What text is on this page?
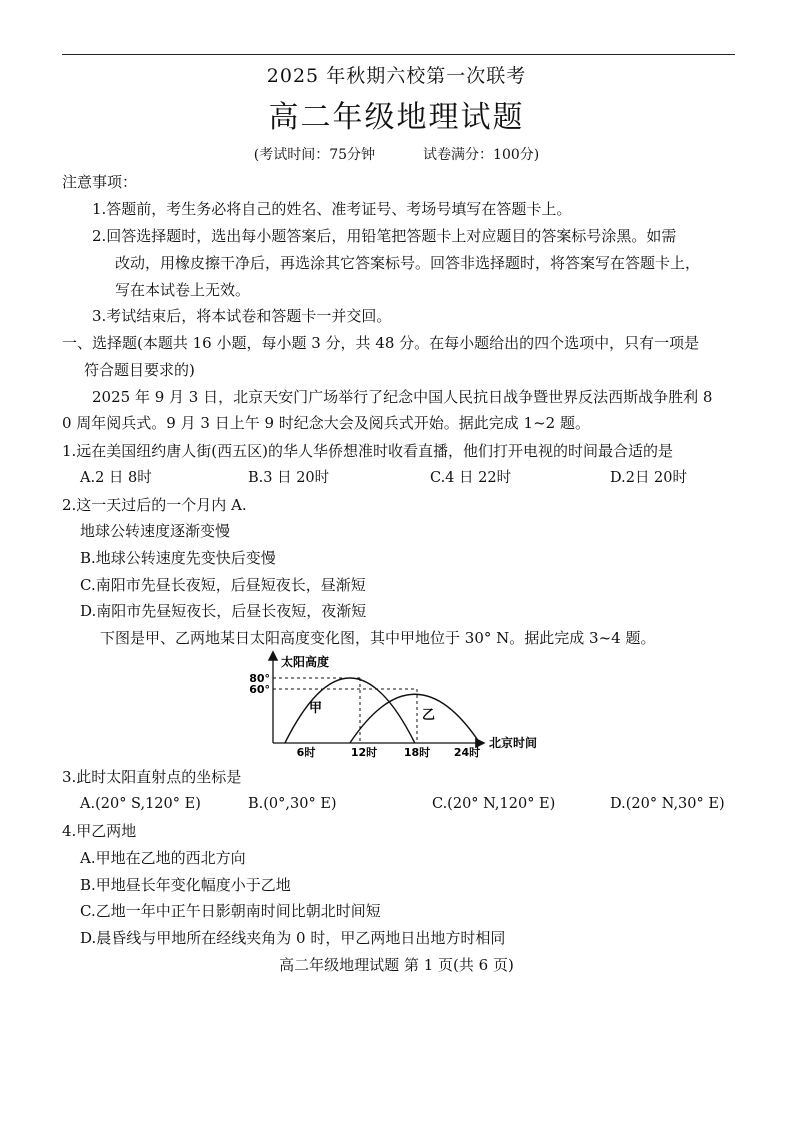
2025 年秋期六校第一次联考
高二年级地理试题
(考试时间：75分钟	试卷满分：100分)
注意事项：
1.答题前，考生务必将自己的姓名、准考证号、考场号填写在答题卡上。
2.回答选择题时，选出每小题答案后，用铅笔把答题卡上对应题目的答案标号涂黑。如需
改动，用橡皮擦干净后，再选涂其它答案标号。回答非选择题时，将答案写在答题卡上，
写在本试卷上无效。
3.考试结束后，将本试卷和答题卡一并交回。
一、选择题(本题共 16 小题，每小题 3 分，共 48 分。在每小题给出的四个选项中，只有一项是
符合题目要求的)
2025 年 9 月 3 日，北京天安门广场举行了纪念中国人民抗日战争暨世界反法西斯战争胜利 8
0 周年阅兵式。9 月 3 日上午 9 时纪念大会及阅兵式开始。据此完成 1~2 题。
1.远在美国纽约唐人街(西五区)的华人华侨想准时收看直播，他们打开电视的时间最合适的是
A.2 日 8时	B.3 日 20时	C.4 日 22时	D.2日 20时
2.这一天过后的一个月内 A.
地球公转速度逐渐变慢
B.地球公转速度先变快后变慢
C.南阳市先昼长夜短，后昼短夜长，昼渐短
D.南阳市先昼短夜长，后昼长夜短，夜渐短
下图是甲、乙两地某日太阳高度变化图，其中甲地位于 30° N。据此完成 3~4 题。
太阳高度
北京时间
80°
60°
6时	12时 18时 24时
甲	乙
3.此时太阳直射点的坐标是
A.(20° S,120° E)	B.(0°,30° E)	C.(20° N,120° E)	D.(20° N,30° E)
4.甲乙两地
A.甲地在乙地的西北方向
B.甲地昼长年变化幅度小于乙地
C.乙地一年中正午日影朝南时间比朝北时间短
D.晨昏线与甲地所在经线夹角为 0 时，甲乙两地日出地方时相同
高二年级地理试题 第 1 页(共 6 页)
